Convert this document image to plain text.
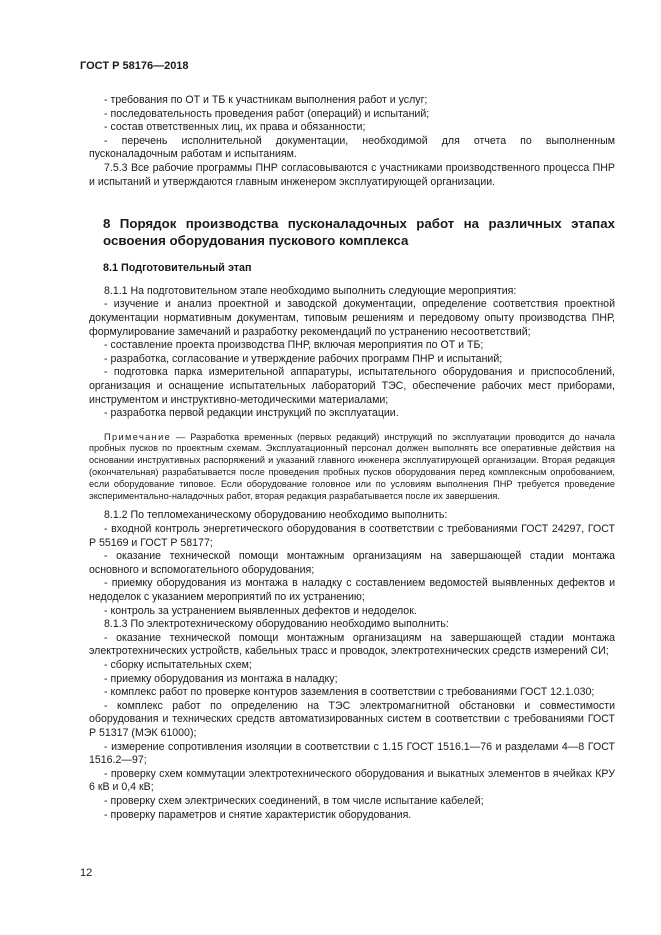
ГОСТ Р 58176—2018

- требования по ОТ и ТБ к участникам выполнения работ и услуг;

- последовательность проведения работ (операций) и испытаний;

- состав ответственных лиц, их права и обязанности;

- перечень исполнительной документации, необходимой для отчета по выполненным пусконаладочным работам и испытаниям.

7.5.3 Все рабочие программы ПНР согласовываются с участниками производственного процесса ПНР и испытаний и утверждаются главным инженером эксплуатирующей организации.

8 Порядок производства пусконаладочных работ на различных этапах освоения оборудования пускового комплекса
8.1 Подготовительный этап

8.1.1 На подготовительном этапе необходимо выполнить следующие мероприятия:

- изучение и анализ проектной и заводской документации, определение соответствия проектной документации нормативным документам, типовым решениям и передовому опыту производства ПНР, формулирование замечаний и разработку рекомендаций по устранению несоответствий;

- составление проекта производства ПНР, включая мероприятия по ОТ и ТБ;

- разработка, согласование и утверждение рабочих программ ПНР и испытаний;

- подготовка парка измерительной аппаратуры, испытательного оборудования и приспособлений, организация и оснащение испытательных лабораторий ТЭС, обеспечение рабочих мест приборами, инструментом и инструктивно-методическими материалами;

- разработка первой редакции инструкций по эксплуатации.

Примечание — Разработка временных (первых редакций) инструкций по эксплуатации проводится до начала пробных пусков по проектным схемам. Эксплуатационный персонал должен выполнять все оперативные действия на основании инструктивных распоряжений и указаний главного инженера эксплуатирующей организации. Вторая редакция (окончательная) разрабатывается после проведения пробных пусков оборудования перед комплексным опробованием, если оборудование типовое. Если оборудование головное или по условиям выполнения ПНР требуется проведение экспериментально-наладочных работ, вторая редакция разрабатывается после их завершения.

8.1.2 По тепломеханическому оборудованию необходимо выполнить:

- входной контроль энергетического оборудования в соответствии с требованиями ГОСТ 24297, ГОСТ Р 55169 и ГОСТ Р 58177;

- оказание технической помощи монтажным организациям на завершающей стадии монтажа основного и вспомогательного оборудования;

- приемку оборудования из монтажа в наладку с составлением ведомостей выявленных дефектов и недоделок с указанием мероприятий по их устранению;

- контроль за устранением выявленных дефектов и недоделок.

8.1.3 По электротехническому оборудованию необходимо выполнить:

- оказание технической помощи монтажным организациям на завершающей стадии монтажа электротехнических устройств, кабельных трасс и проводок, электротехнических средств измерений СИ;

- сборку испытательных схем;

- приемку оборудования из монтажа в наладку;

- комплекс работ по проверке контуров заземления в соответствии с требованиями ГОСТ 12.1.030;

- комплекс работ по определению на ТЭС электромагнитной обстановки и совместимости оборудования и технических средств автоматизированных систем в соответствии с требованиями ГОСТ Р 51317 (МЭК 61000);

- измерение сопротивления изоляции в соответствии с 1.15 ГОСТ 1516.1—76 и разделами 4—8 ГОСТ 1516.2—97;

- проверку схем коммутации электротехнического оборудования и выкатных элементов в ячейках КРУ 6 кВ и 0,4 кВ;

- проверку схем электрических соединений, в том числе испытание кабелей;

- проверку параметров и снятие характеристик оборудования.

12
